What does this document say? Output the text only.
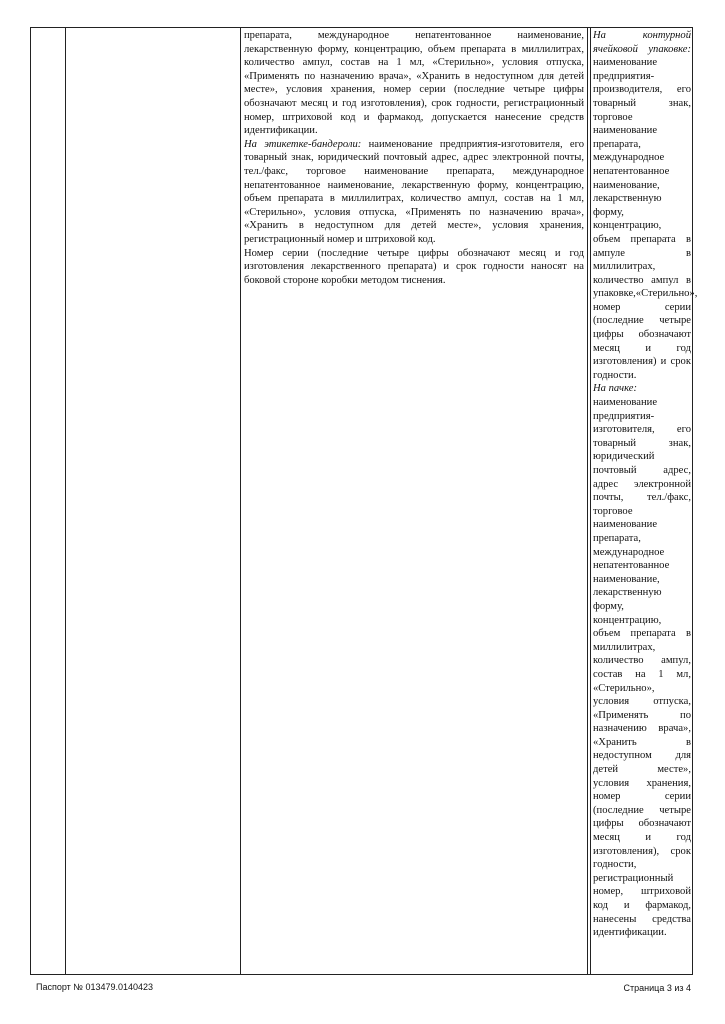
препарата, международное непатентованное наименование, лекарственную форму, концентрацию, объем препарата в миллилитрах, количество ампул, состав на 1 мл, «Стерильно», условия отпуска, «Применять по назначению врача», «Хранить в недоступном для детей месте», условия хранения, номер серии (последние четыре цифры обозначают месяц и год изготовления), срок годности, регистрационный номер, штриховой код и фармакод, допускается нанесение средств идентификации.

На этикетке-бандероли: наименование предприятия-изготовителя, его товарный знак, юридический почтовый адрес, адрес электронной почты, тел./факс, торговое наименование препарата, международное непатентованное наименование, лекарственную форму, концентрацию, объем препарата в миллилитрах, количество ампул, состав на 1 мл, «Стерильно», условия отпуска, «Применять по назначению врача», «Хранить в недоступном для детей месте», условия хранения, регистрационный номер и штриховой код.

Номер серии (последние четыре цифры обозначают месяц и год изготовления лекарственного препарата) и срок годности наносят на боковой стороне коробки методом тиснения.

На контурной ячейковой упаковке: наименование предприятия-производителя, его товарный знак, торговое наименование препарата, международное непатентованное наименование, лекарственную форму, концентрацию, объем препарата в ампуле в миллилитрах, количество ампул в упаковке,«Стерильно», номер серии (последние четыре цифры обозначают месяц и год изготовления) и срок годности.

На пачке:

наименование предприятия-изготовителя, его товарный знак, юридический почтовый адрес, адрес электронной почты, тел./факс, торговое наименование препарата, международное непатентованное наименование, лекарственную форму, концентрацию, объем препарата в миллилитрах, количество ампул, состав на 1 мл, «Стерильно», условия отпуска, «Применять по назначению врача», «Хранить в недоступном для детей месте», условия хранения, номер серии (последние четыре цифры обозначают месяц и год изготовления), срок годности, регистрационный номер, штриховой код и фармакод, нанесены средства идентификации.

Паспорт № 013479.0140423	Страница 3 из 4
